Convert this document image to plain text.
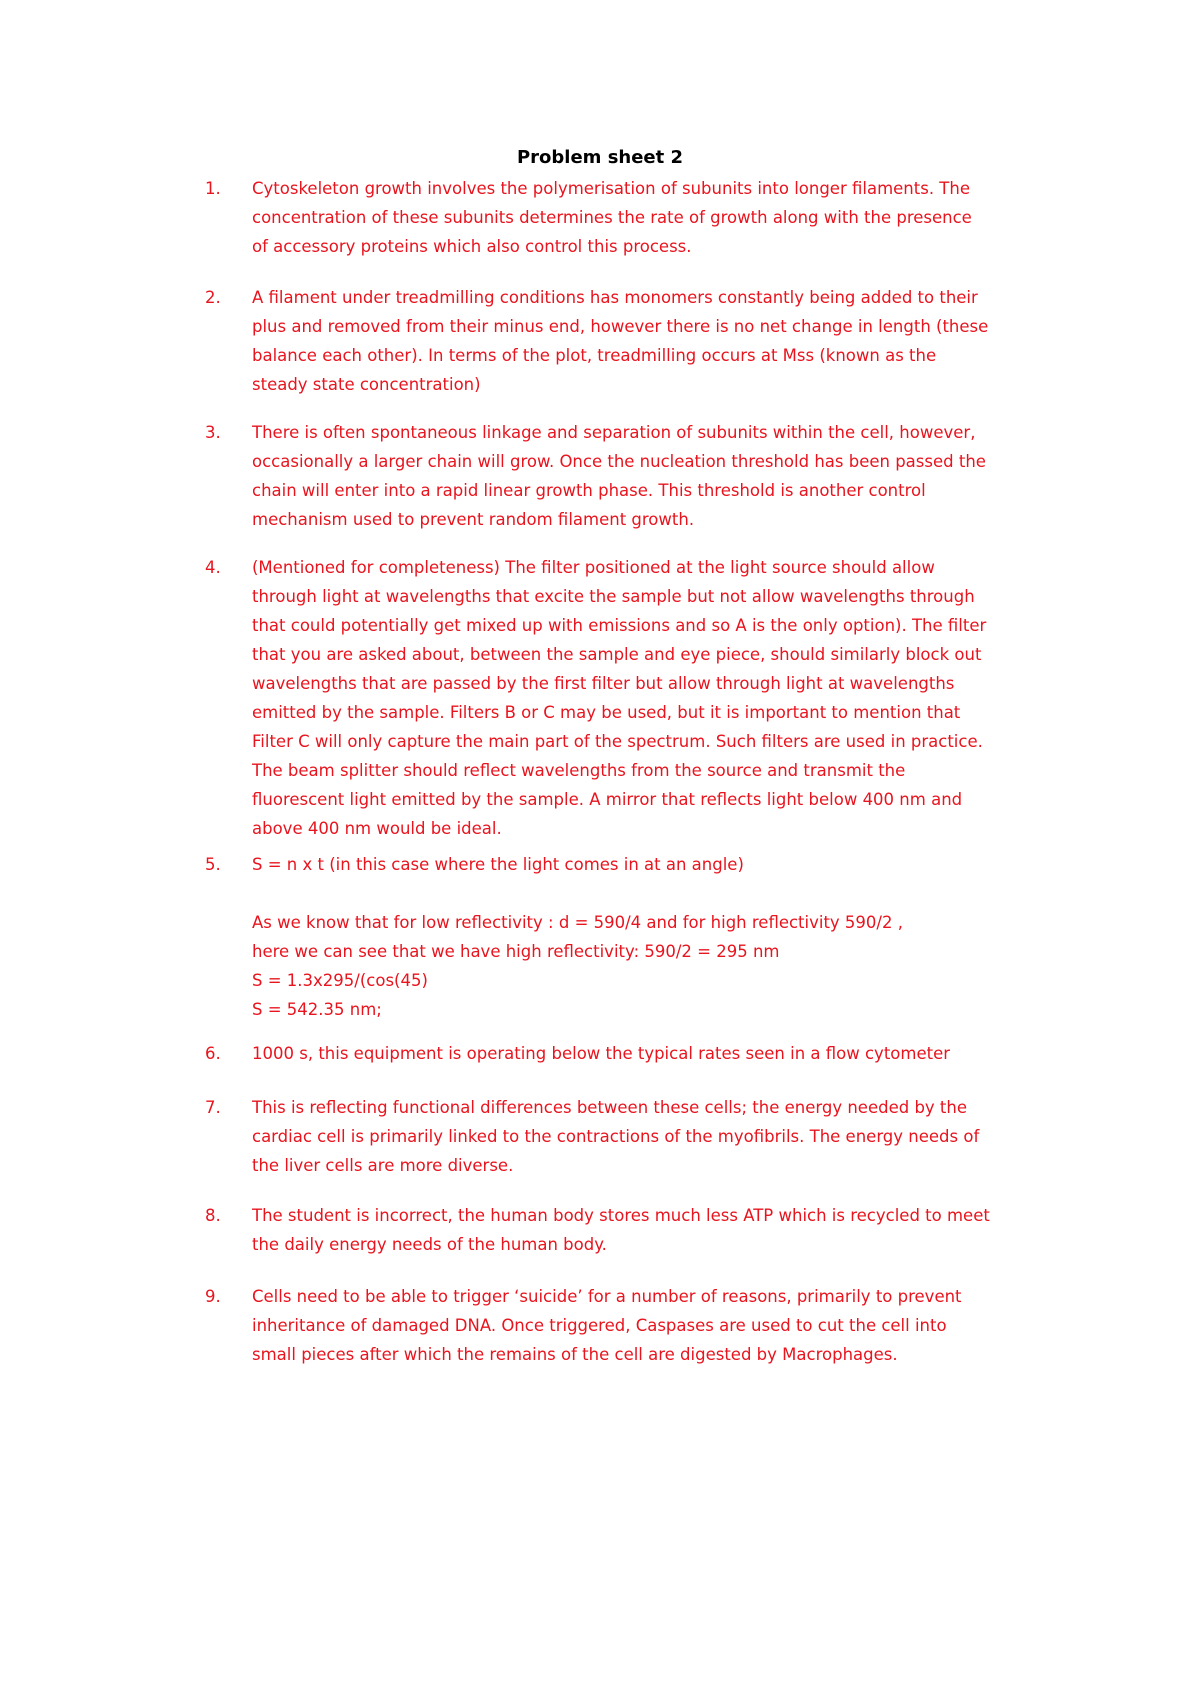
Problem sheet 2
1.	Cytoskeleton growth involves the polymerisation of subunits into longer filaments. The
concentration of these subunits determines the rate of growth along with the presence
of accessory proteins which also control this process.
2.	A filament under treadmilling conditions has monomers constantly being added to their
plus and removed from their minus end, however there is no net change in length (these
balance each other). In terms of the plot, treadmilling occurs at Mss (known as the
steady state concentration)
3.	There is often spontaneous linkage and separation of subunits within the cell, however,
occasionally a larger chain will grow. Once the nucleation threshold has been passed the
chain will enter into a rapid linear growth phase. This threshold is another control
mechanism used to prevent random filament growth.
4.	(Mentioned for completeness) The filter positioned at the light source should allow
through light at wavelengths that excite the sample but not allow wavelengths through
that could potentially get mixed up with emissions and so A is the only option). The filter
that you are asked about, between the sample and eye piece, should similarly block out
wavelengths that are passed by the first filter but allow through light at wavelengths
emitted by the sample. Filters B or C may be used, but it is important to mention that
Filter C will only capture the main part of the spectrum. Such filters are used in practice.
The beam splitter should reflect wavelengths from the source and transmit the
fluorescent light emitted by the sample. A mirror that reflects light below 400 nm and
above 400 nm would be ideal.
5.	S = n x t (in this case where the light comes in at an angle)
As we know that for low reflectivity : d = 590/4 and for high reflectivity 590/2 ,
here we can see that we have high reflectivity: 590/2 = 295 nm
S = 1.3x295/(cos(45)
S = 542.35 nm;
6.	1000 s, this equipment is operating below the typical rates seen in a flow cytometer
7.	This is reflecting functional differences between these cells; the energy needed by the
cardiac cell is primarily linked to the contractions of the myofibrils. The energy needs of
the liver cells are more diverse.
8.	The student is incorrect, the human body stores much less ATP which is recycled to meet
the daily energy needs of the human body.
9.	Cells need to be able to trigger ‘suicide’ for a number of reasons, primarily to prevent
inheritance of damaged DNA. Once triggered, Caspases are used to cut the cell into
small pieces after which the remains of the cell are digested by Macrophages.
